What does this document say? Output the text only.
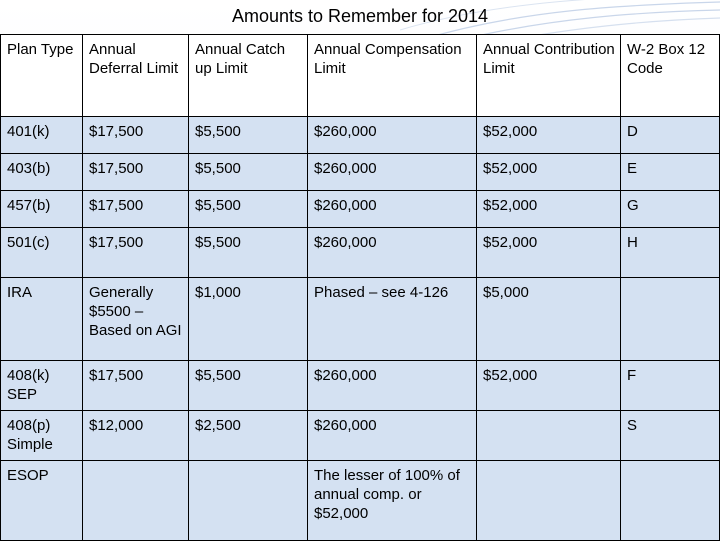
Amounts to Remember for 2014
Plan Type	Annual Deferral Limit	Annual Catch up Limit	Annual Compensation Limit	Annual Contribution Limit	W-2 Box 12 Code
401(k)	$17,500	$5,500	$260,000	$52,000	D
403(b)	$17,500	$5,500	$260,000	$52,000	E
457(b)	$17,500	$5,500	$260,000	$52,000	G
501(c)	$17,500	$5,500	$260,000	$52,000	H
IRA	Generally $5500 – Based on AGI	$1,000	Phased – see 4-126	$5,000	
408(k) SEP	$17,500	$5,500	$260,000	$52,000	F
408(p) Simple	$12,000	$2,500	$260,000		S
ESOP			The lesser of 100% of annual comp. or $52,000		
